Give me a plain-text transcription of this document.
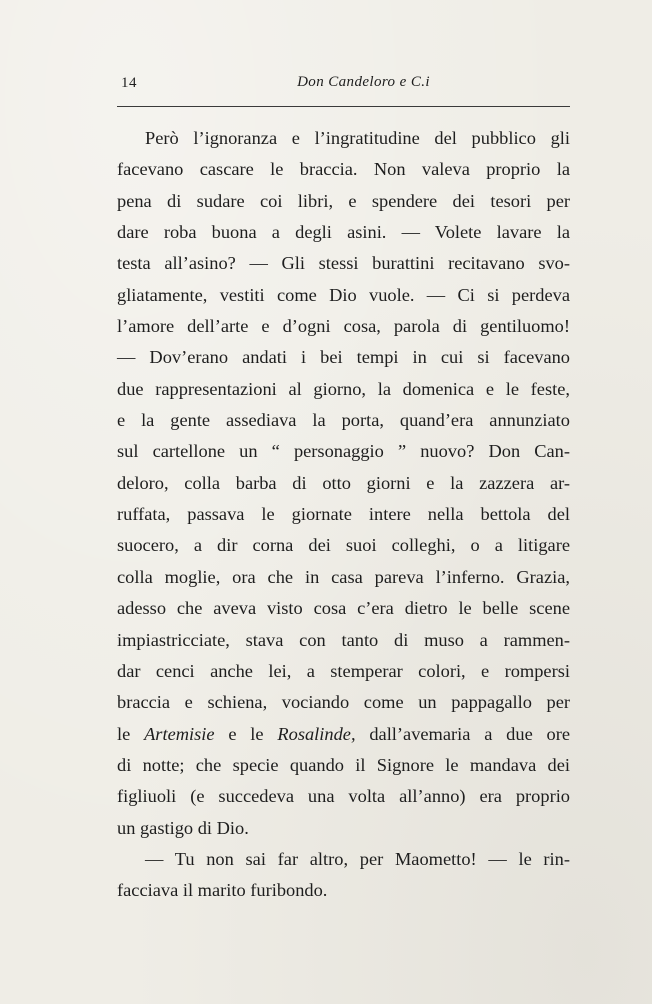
14	Don Candeloro e C.i
Però l’ignoranza e l’ingratitudine del pubblico gli
facevano cascare le braccia. Non valeva proprio la
pena di sudare coi libri, e spendere dei tesori per
dare roba buona a degli asini. — Volete lavare la
testa all’asino? — Gli stessi burattini recitavano svo-
gliatamente, vestiti come Dio vuole. — Ci si perdeva
l’amore dell’arte e d’ogni cosa, parola di gentiluomo!
— Dov’erano andati i bei tempi in cui si facevano
due rappresentazioni al giorno, la domenica e le feste,
e la gente assediava la porta, quand’era annunziato
sul cartellone un “ personaggio ” nuovo? Don Can-
deloro, colla barba di otto giorni e la zazzera ar-
ruffata, passava le giornate intere nella bettola del
suocero, a dir corna dei suoi colleghi, o a litigare
colla moglie, ora che in casa pareva l’inferno. Grazia,
adesso che aveva visto cosa c’era dietro le belle scene
impiastricciate, stava con tanto di muso a rammen-
dar cenci anche lei, a stemperar colori, e rompersi
braccia e schiena, vociando come un pappagallo per
le Artemisie e le Rosalinde, dall’avemaria a due ore
di notte; che specie quando il Signore le mandava dei
figliuoli (e succedeva una volta all’anno) era proprio
un gastigo di Dio.
— Tu non sai far altro, per Maometto! — le rin-
facciava il marito furibondo.
